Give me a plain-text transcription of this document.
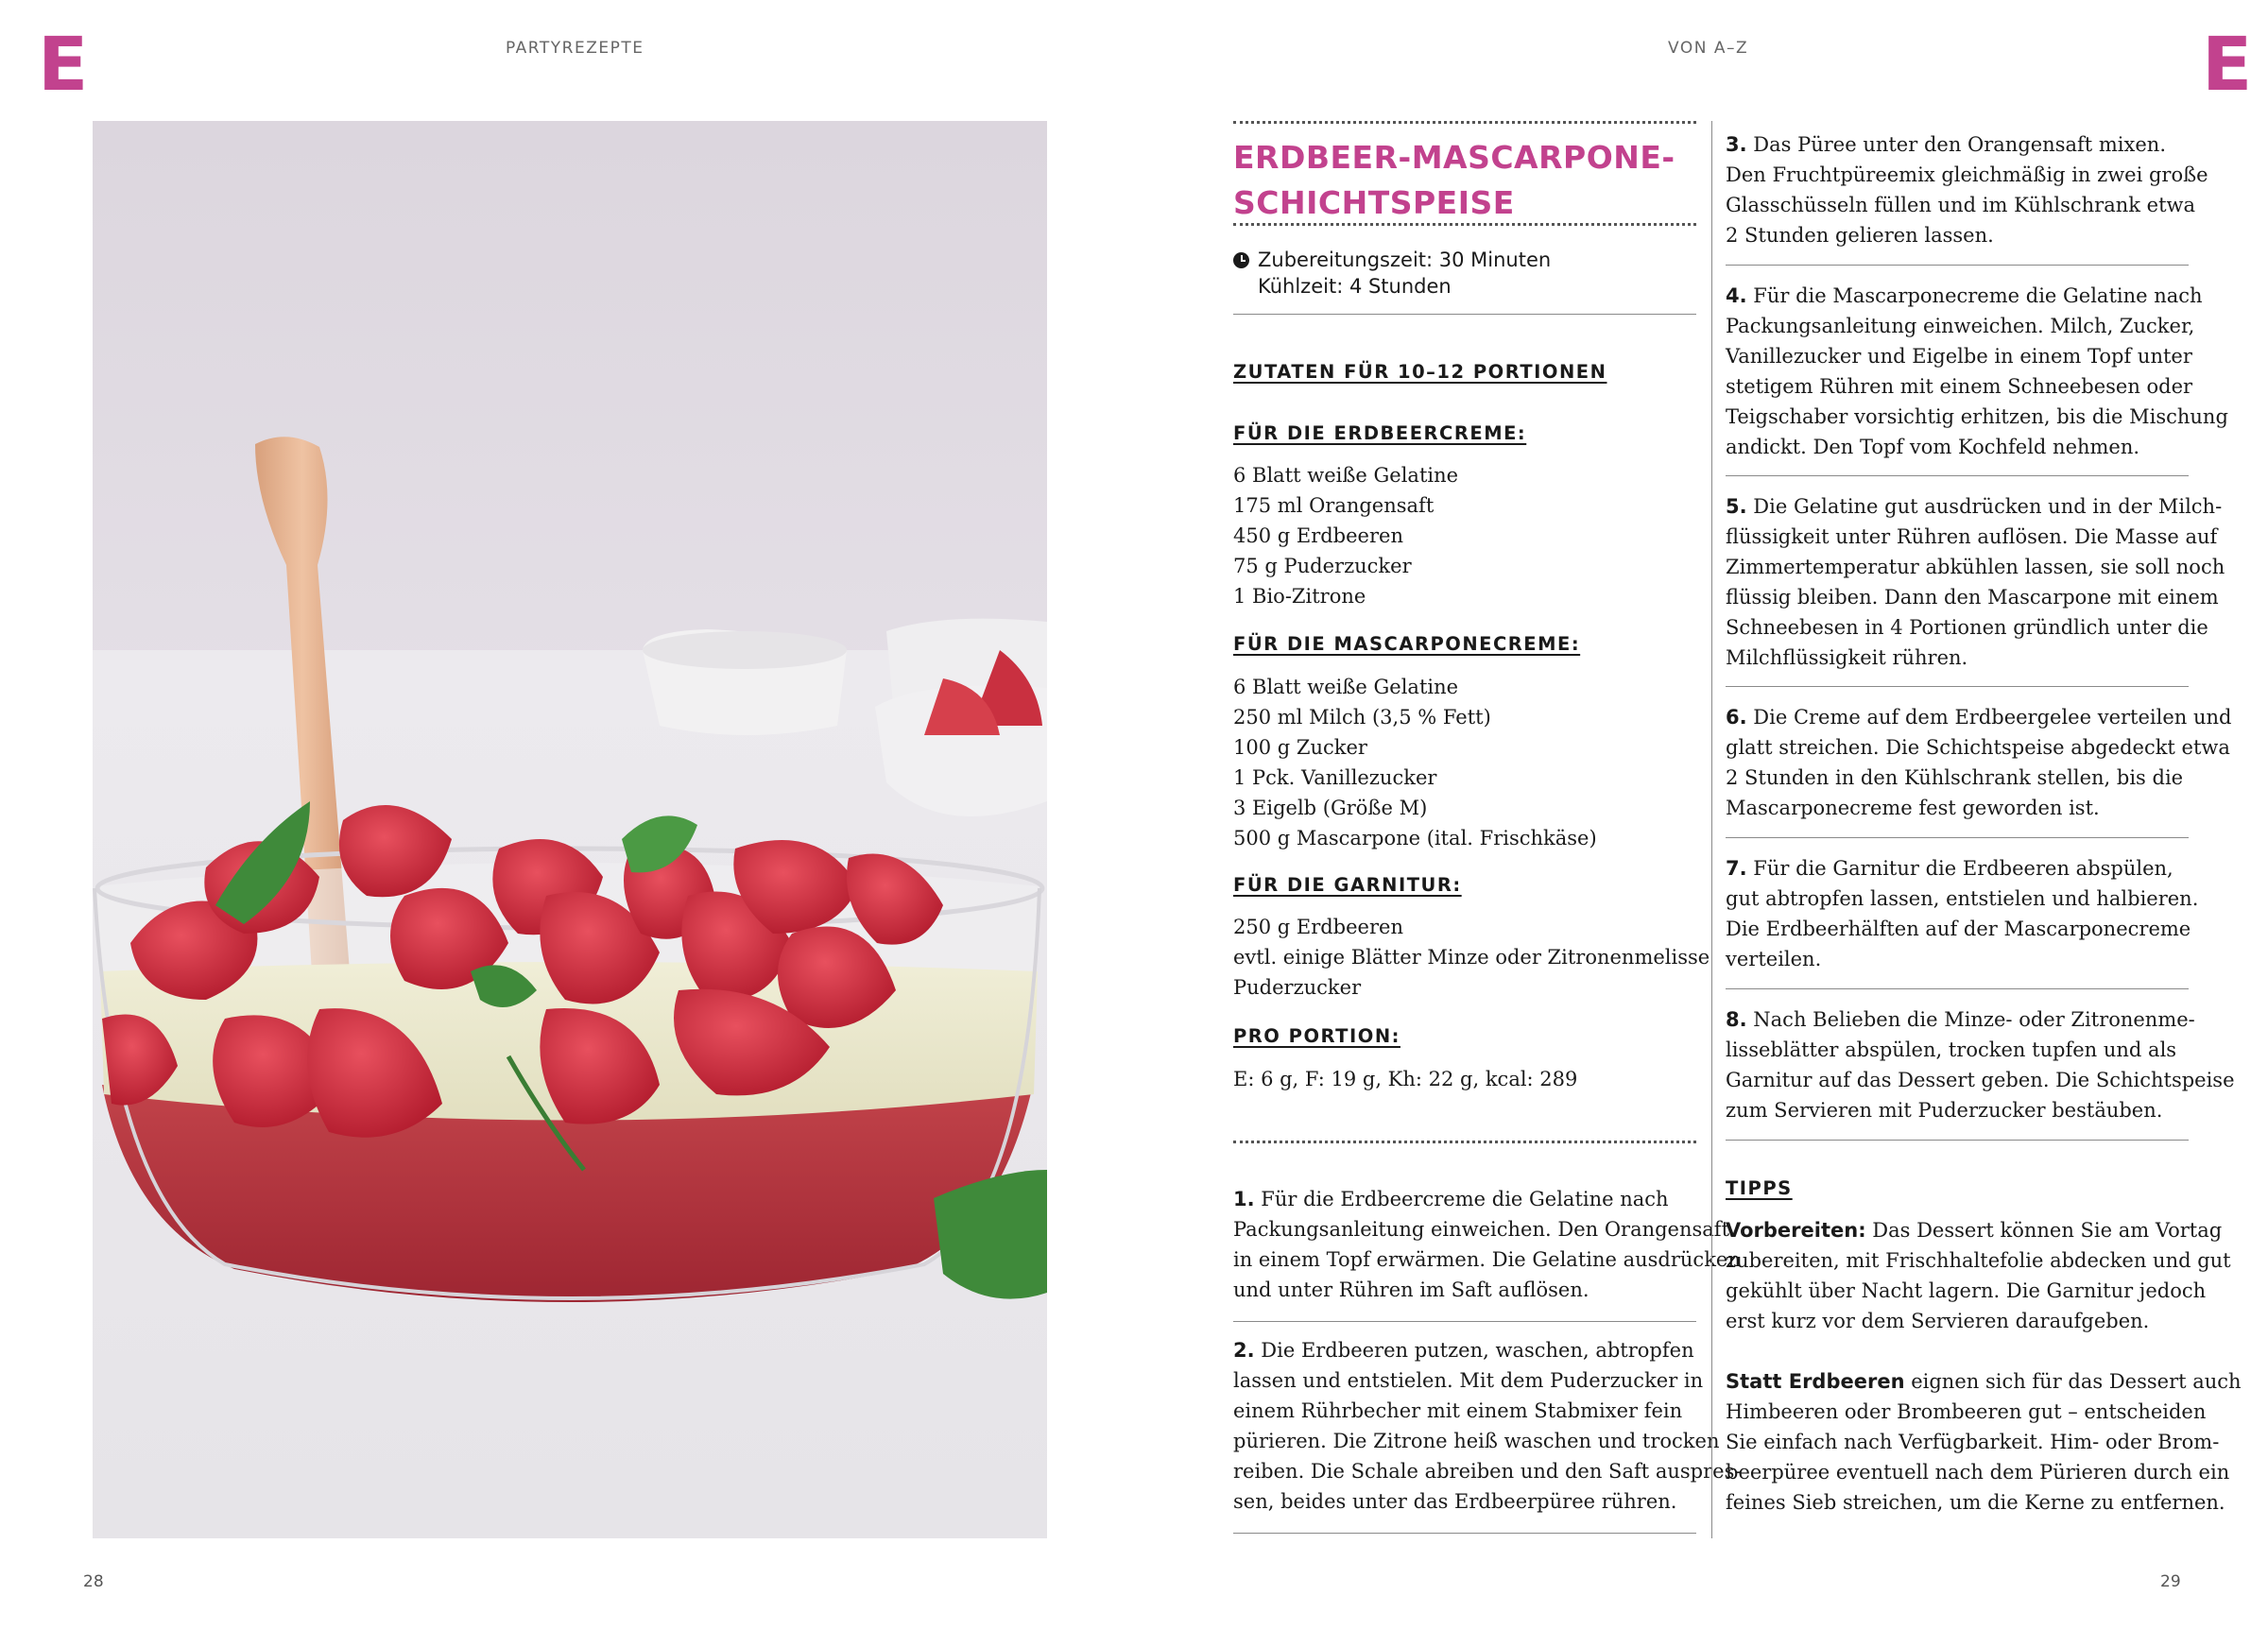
E	PARTYREZEPTE
28
VON A–Z	E
ERDBEER-MASCARPONE-
SCHICHTSPEISE
Zubereitungszeit: 30 Minuten
Kühlzeit: 4 Stunden
ZUTATEN FÜR 10–12 PORTIONEN
FÜR DIE ERDBEERCREME:
6 Blatt weiße Gelatine
175 ml Orangensaft
450 g Erdbeeren
75 g Puderzucker
1 Bio-Zitrone
FÜR DIE MASCARPONECREME:
6 Blatt weiße Gelatine
250 ml Milch (3,5 % Fett)
100 g Zucker
1 Pck. Vanillezucker
3 Eigelb (Größe M)
500 g Mascarpone (ital. Frischkäse)
FÜR DIE GARNITUR:
250 g Erdbeeren
evtl. einige Blätter Minze oder Zitronenmelisse
Puderzucker
PRO PORTION:
E: 6 g, F: 19 g, Kh: 22 g, kcal: 289
1. Für die Erdbeercreme die Gelatine nach
Packungsanleitung einweichen. Den Orangensaft
in einem Topf erwärmen. Die Gelatine ausdrücken
und unter Rühren im Saft auflösen.
2. Die Erdbeeren putzen, waschen, abtropfen
lassen und entstielen. Mit dem Puderzucker in
einem Rührbecher mit einem Stabmixer fein
pürieren. Die Zitrone heiß waschen und trocken
reiben. Die Schale abreiben und den Saft auspres-
sen, beides unter das Erdbeerpüree rühren.
3. Das Püree unter den Orangensaft mixen.
Den Fruchtpüreemix gleichmäßig in zwei große
Glasschüsseln füllen und im Kühlschrank etwa
2 Stunden gelieren lassen.
4. Für die Mascarponecreme die Gelatine nach
Packungsanleitung einweichen. Milch, Zucker,
Vanillezucker und Eigelbe in einem Topf unter
stetigem Rühren mit einem Schneebesen oder
Teigschaber vorsichtig erhitzen, bis die Mischung
andickt. Den Topf vom Kochfeld nehmen.
5. Die Gelatine gut ausdrücken und in der Milch-
flüssigkeit unter Rühren auflösen. Die Masse auf
Zimmertemperatur abkühlen lassen, sie soll noch
flüssig bleiben. Dann den Mascarpone mit einem
Schneebesen in 4 Portionen gründlich unter die
Milchflüssigkeit rühren.
6. Die Creme auf dem Erdbeergelee verteilen und
glatt streichen. Die Schichtspeise abgedeckt etwa
2 Stunden in den Kühlschrank stellen, bis die
Mascarponecreme fest geworden ist.
7. Für die Garnitur die Erdbeeren abspülen,
gut abtropfen lassen, entstielen und halbieren.
Die Erdbeerhälften auf der Mascarponecreme
verteilen.
8. Nach Belieben die Minze- oder Zitronenme-
lisseblätter abspülen, trocken tupfen und als
Garnitur auf das Dessert geben. Die Schichtspeise
zum Servieren mit Puderzucker bestäuben.
TIPPS
Vorbereiten: Das Dessert können Sie am Vortag
zubereiten, mit Frischhaltefolie abdecken und gut
gekühlt über Nacht lagern. Die Garnitur jedoch
erst kurz vor dem Servieren daraufgeben.
Statt Erdbeeren eignen sich für das Dessert auch
Himbeeren oder Brombeeren gut – entscheiden
Sie einfach nach Verfügbarkeit. Him- oder Brom-
beerpüree eventuell nach dem Pürieren durch ein
feines Sieb streichen, um die Kerne zu entfernen.
29
